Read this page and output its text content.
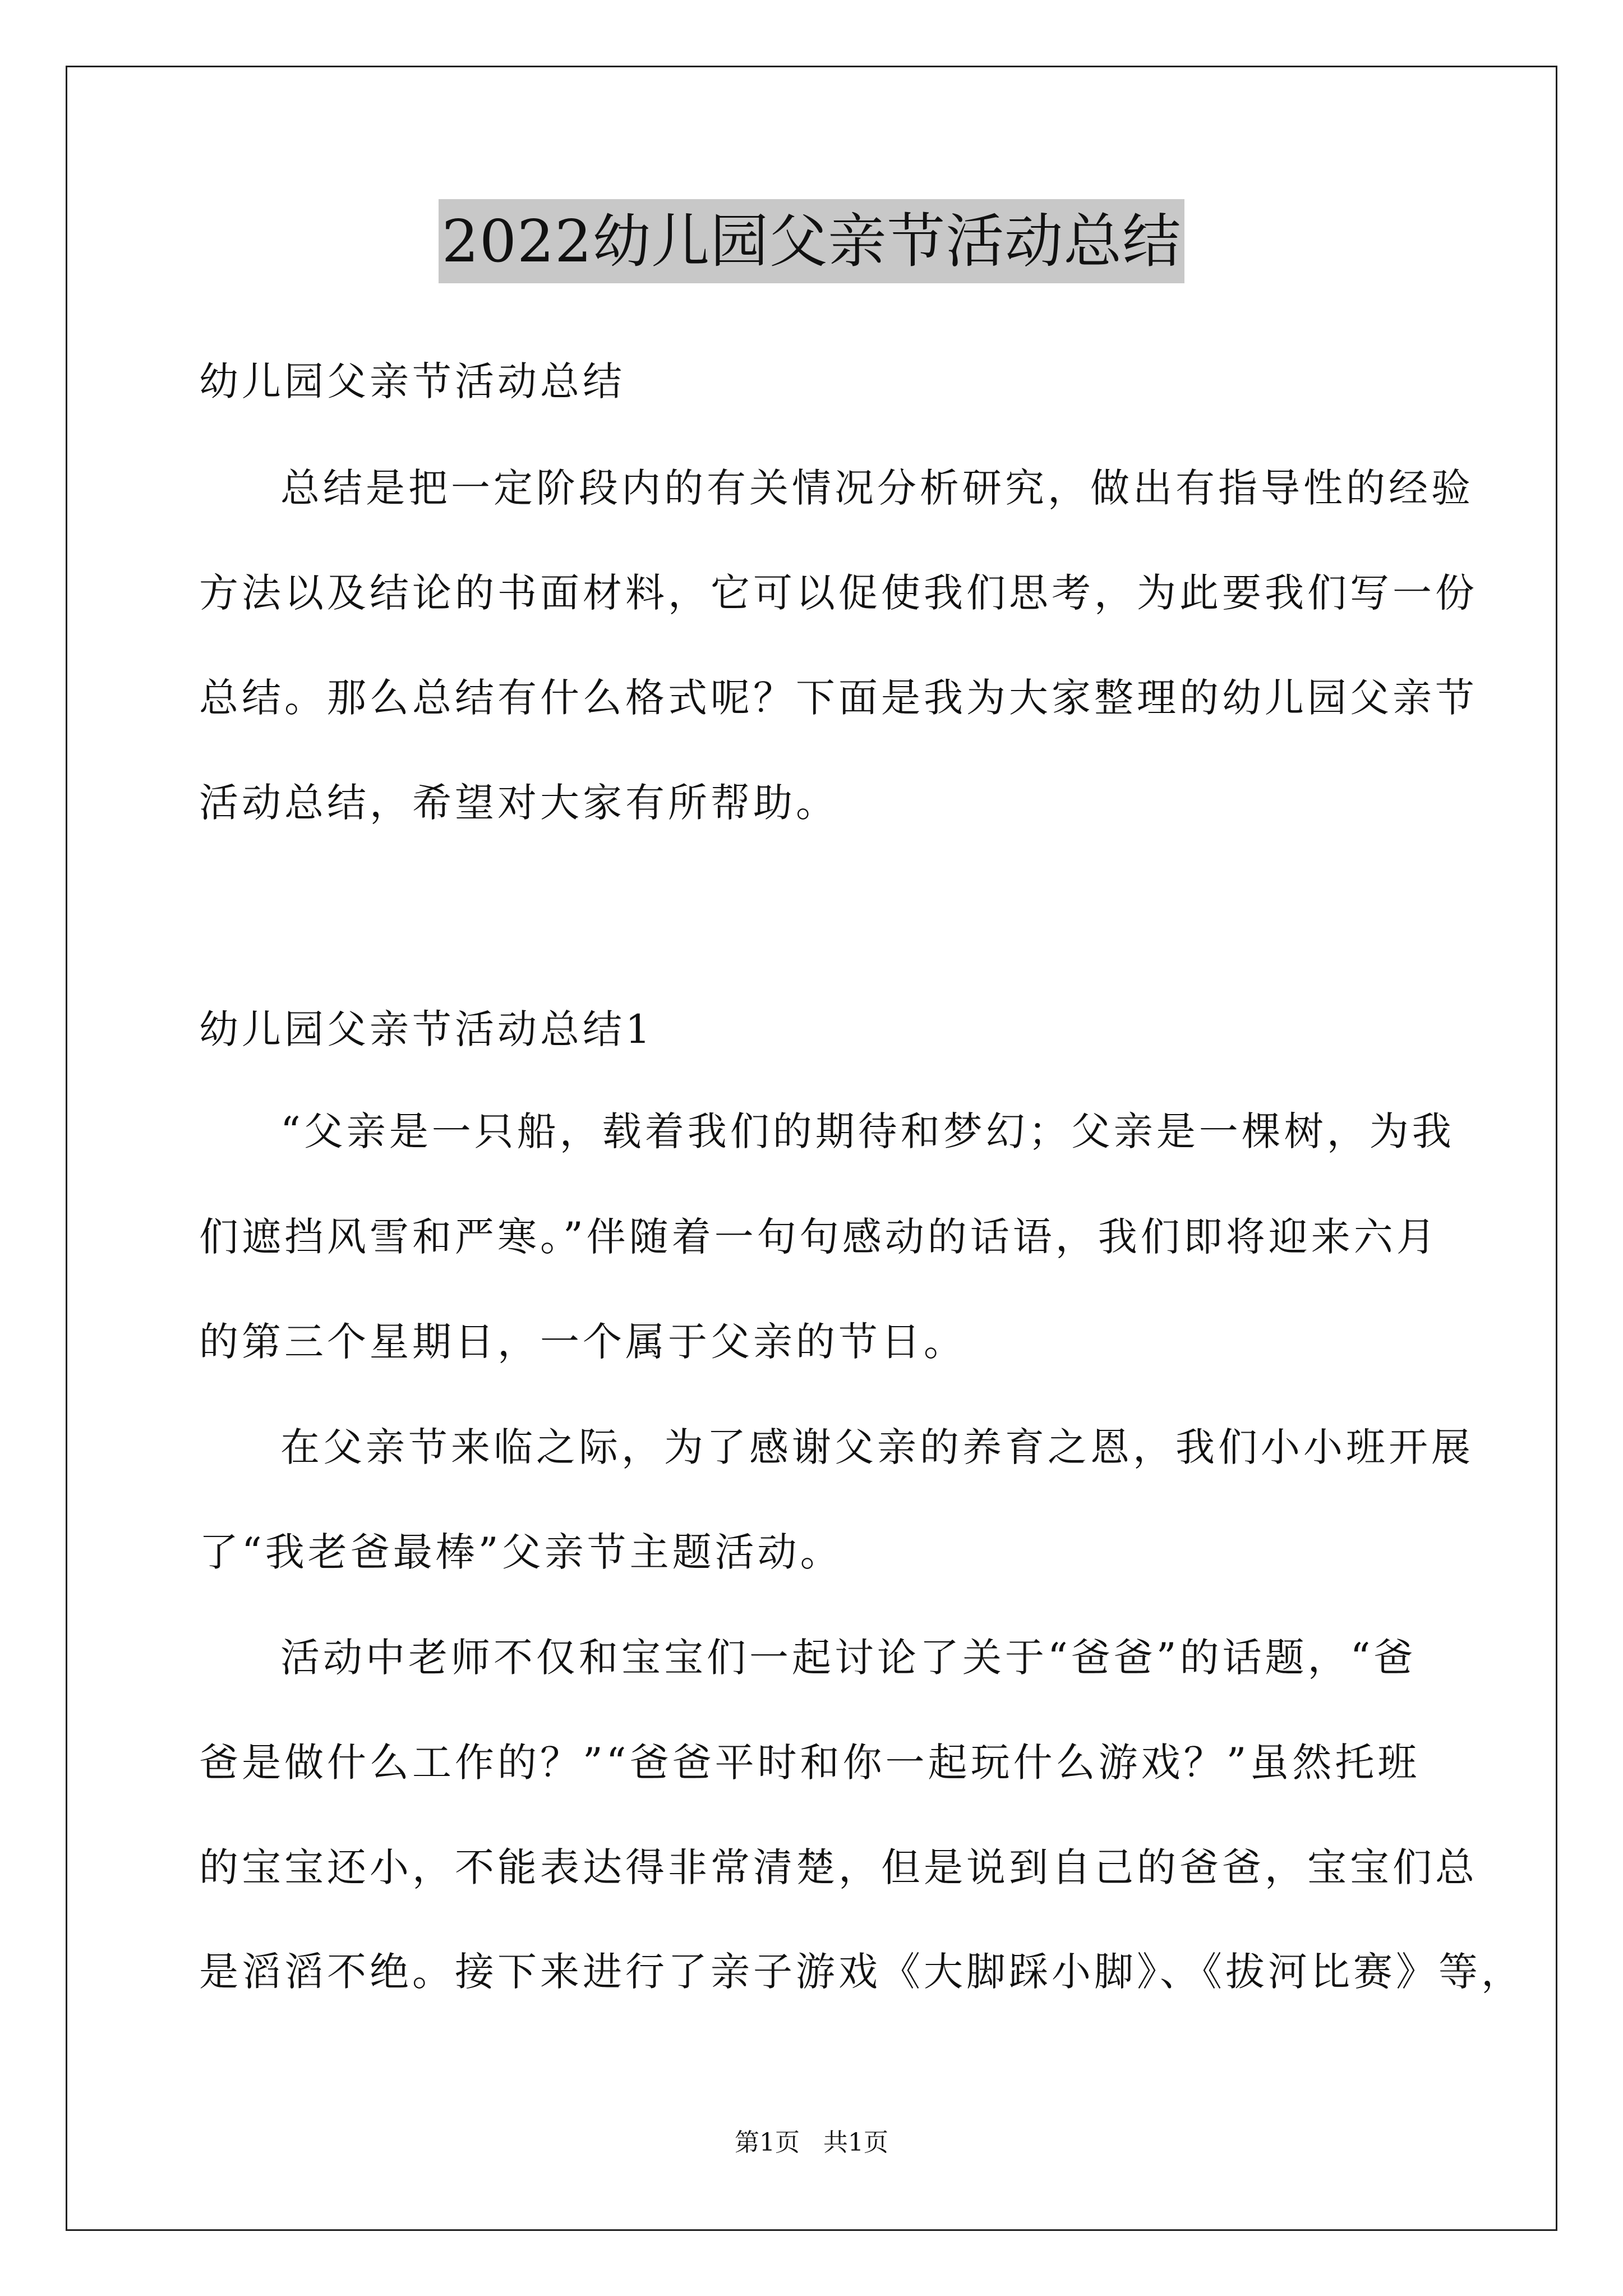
2022幼儿园父亲节活动总结
幼儿园父亲节活动总结
总结是把一定阶段内的有关情况分析研究，做出有指导性的经验
方法以及结论的书面材料，它可以促使我们思考，为此要我们写一份
总结。那么总结有什么格式呢？下面是我为大家整理的幼儿园父亲节
活动总结，希望对大家有所帮助。
幼儿园父亲节活动总结1
“父亲是一只船，载着我们的期待和梦幻；父亲是一棵树，为我
们遮挡风雪和严寒。”伴随着一句句感动的话语，我们即将迎来六月
的第三个星期日，一个属于父亲的节日。
在父亲节来临之际，为了感谢父亲的养育之恩，我们小小班开展
了“我老爸最棒”父亲节主题活动。
活动中老师不仅和宝宝们一起讨论了关于“爸爸”的话题，“爸
爸是做什么工作的？”“爸爸平时和你一起玩什么游戏？”虽然托班
的宝宝还小，不能表达得非常清楚，但是说到自己的爸爸，宝宝们总
是滔滔不绝。接下来进行了亲子游戏《大脚踩小脚》、《拔河比赛》等，
第1页 共1页
